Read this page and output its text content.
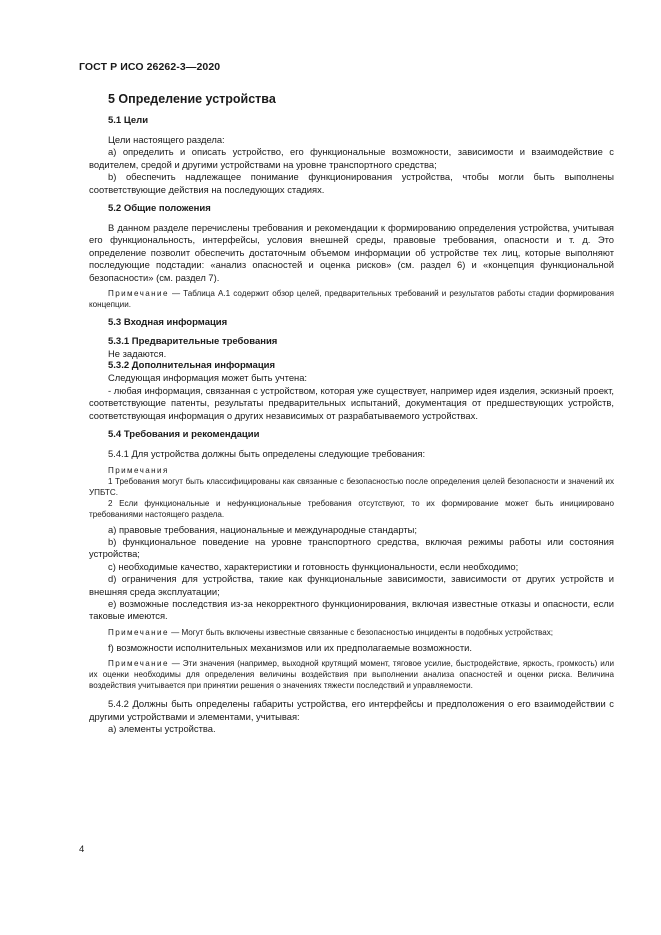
ГОСТ Р ИСО 26262-3—2020
5 Определение устройства
5.1 Цели

Цели настоящего раздела:

a) определить и описать устройство, его функциональные возможности, зависимости и взаимодействие с водителем, средой и другими устройствами на уровне транспортного средства;

b) обеспечить надлежащее понимание функционирования устройства, чтобы могли быть выполнены соответствующие действия на последующих стадиях.

5.2 Общие положения

В данном разделе перечислены требования и рекомендации к формированию определения устройства, учитывая его функциональность, интерфейсы, условия внешней среды, правовые требования, опасности и т. д. Это определение позволит обеспечить достаточным объемом информации об устройстве тех лиц, которые выполняют последующие подстадии: «анализ опасностей и оценка рисков» (см. раздел 6) и «концепция функциональной безопасности» (см. раздел 7).

Примечание — Таблица А.1 содержит обзор целей, предварительных требований и результатов работы стадии формирования концепции.

5.3 Входная информация
5.3.1 Предварительные требования

Не задаются.

5.3.2 Дополнительная информация

Следующая информация может быть учтена:

- любая информация, связанная с устройством, которая уже существует, например идея изделия, эскизный проект, соответствующие патенты, результаты предварительных испытаний, документация от предшествующих устройств, соответствующая информация о других независимых от разрабатываемого устройствах.

5.4 Требования и рекомендации

5.4.1 Для устройства должны быть определены следующие требования:

Примечания

1 Требования могут быть классифицированы как связанные с безопасностью после определения целей безопасности и значений их УПБТС.

2 Если функциональные и нефункциональные требования отсутствуют, то их формирование может быть инициировано требованиями настоящего раздела.

a) правовые требования, национальные и международные стандарты;

b) функциональное поведение на уровне транспортного средства, включая режимы работы или состояния устройства;

c) необходимые качество, характеристики и готовность функциональности, если необходимо;

d) ограничения для устройства, такие как функциональные зависимости, зависимости от других устройств и внешняя среда эксплуатации;

e) возможные последствия из-за некорректного функционирования, включая известные отказы и опасности, если таковые имеются.

Примечание — Могут быть включены известные связанные с безопасностью инциденты в подобных устройствах;

f) возможности исполнительных механизмов или их предполагаемые возможности.

Примечание — Эти значения (например, выходной крутящий момент, тяговое усилие, быстродействие, яркость, громкость) или их оценки необходимы для определения величины воздействия при выполнении анализа опасностей и оценки риска. Величина воздействия учитывается при принятии решения о значениях тяжести последствий и управляемости.

5.4.2 Должны быть определены габариты устройства, его интерфейсы и предположения о его взаимодействии с другими устройствами и элементами, учитывая:

a) элементы устройства.

4
